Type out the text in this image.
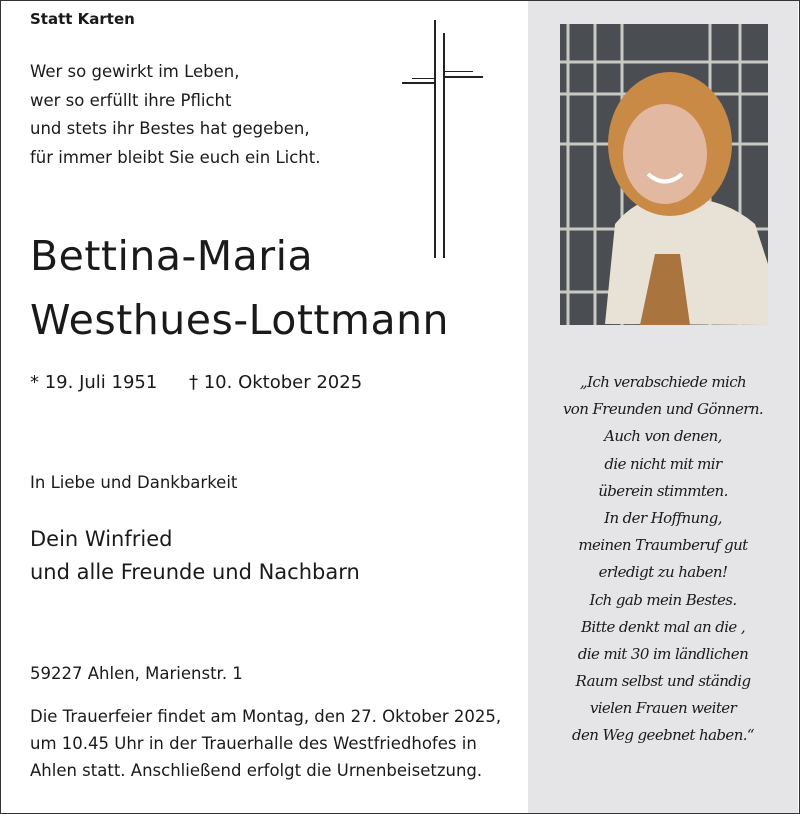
Statt Karten
Wer so gewirkt im Leben,
wer so erfüllt ihre Pflicht
und stets ihr Bestes hat gegeben,
für immer bleibt Sie euch ein Licht.
Bettina-Maria
Westhues-Lottmann
* 19. Juli 1951 † 10. Oktober 2025
In Liebe und Dankbarkeit
Dein Winfried
und alle Freunde und Nachbarn
59227 Ahlen, Marienstr. 1
Die Trauerfeier findet am Montag, den 27. Oktober 2025,
um 10.45 Uhr in der Trauerhalle des Westfriedhofes in
Ahlen statt. Anschließend erfolgt die Urnenbeisetzung.
„Ich verabschiede mich
von Freunden und Gönnern.
Auch von denen,
die nicht mit mir
überein stimmten.
In der Hoffnung,
meinen Traumberuf gut
erledigt zu haben!
Ich gab mein Bestes.
Bitte denkt mal an die ,
die mit 30 im ländlichen
Raum selbst und ständig
vielen Frauen weiter
den Weg geebnet haben.“
